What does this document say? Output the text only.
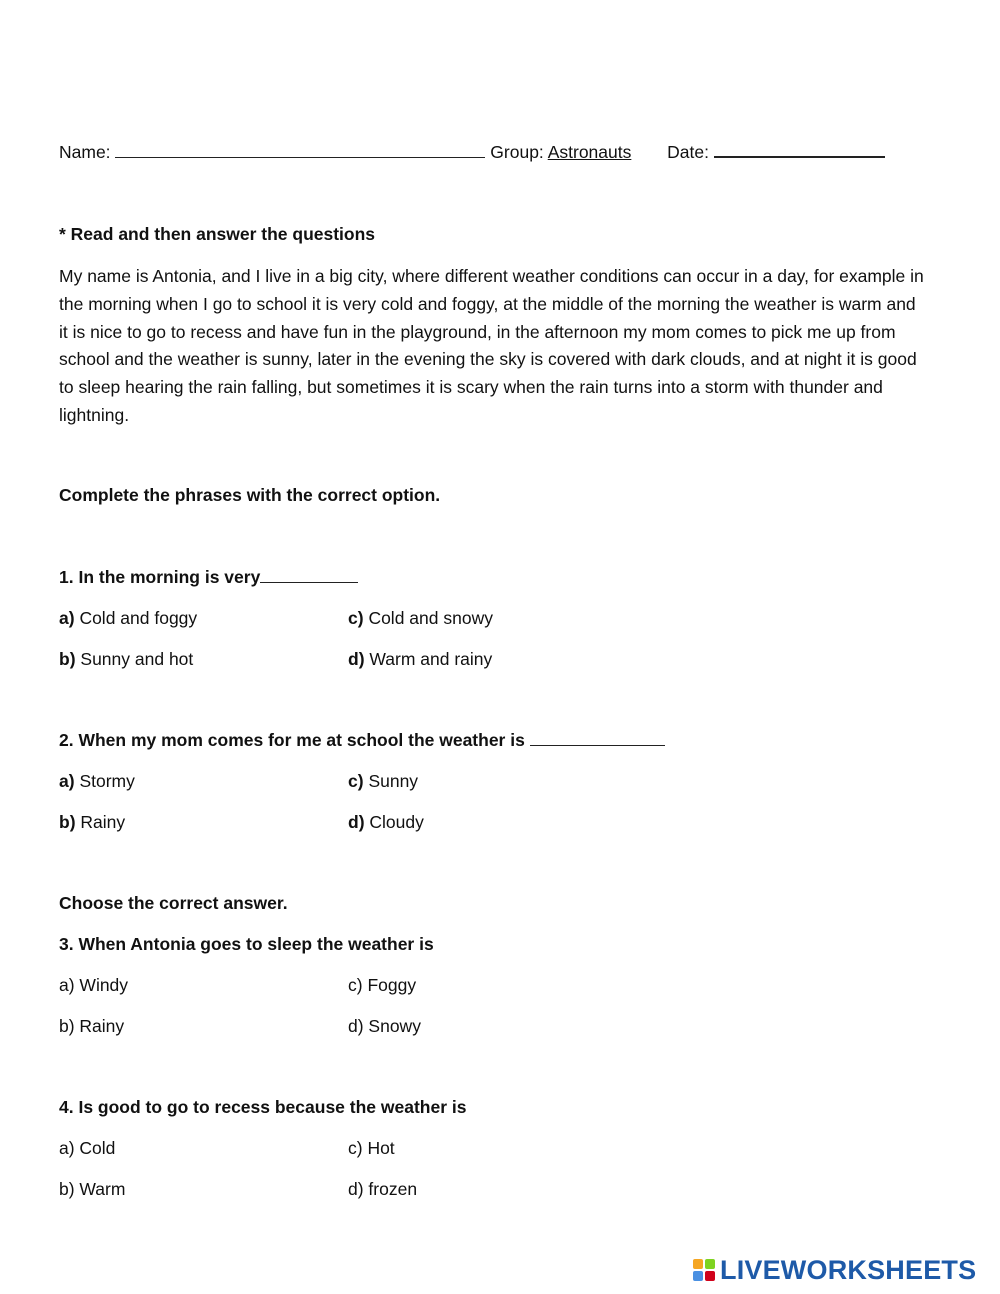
Name:	Group: Astronauts Date:
* Read and then answer the questions
My name is Antonia, and I live in a big city, where different weather conditions can occur in a day, for example in the morning when I go to school it is very cold and foggy, at the middle of the morning the weather is warm and it is nice to go to recess and have fun in the playground, in the afternoon my mom comes to pick me up from school and the weather is sunny, later in the evening the sky is covered with dark clouds, and at night it is good to sleep hearing the rain falling, but sometimes it is scary when the rain turns into a storm with thunder and lightning.
Complete the phrases with the correct option.
1. In the morning is very
a) Cold and foggy	c) Cold and snowy
b) Sunny and hot	d) Warm and rainy
2. When my mom comes for me at school the weather is
a) Stormy	c) Sunny
b) Rainy	d) Cloudy
Choose the correct answer.
3. When Antonia goes to sleep the weather is
a) Windy	c) Foggy
b) Rainy	d) Snowy
4. Is good to go to recess because the weather is
a) Cold	c) Hot
b) Warm	d) frozen
LIVEWORKSHEETS
